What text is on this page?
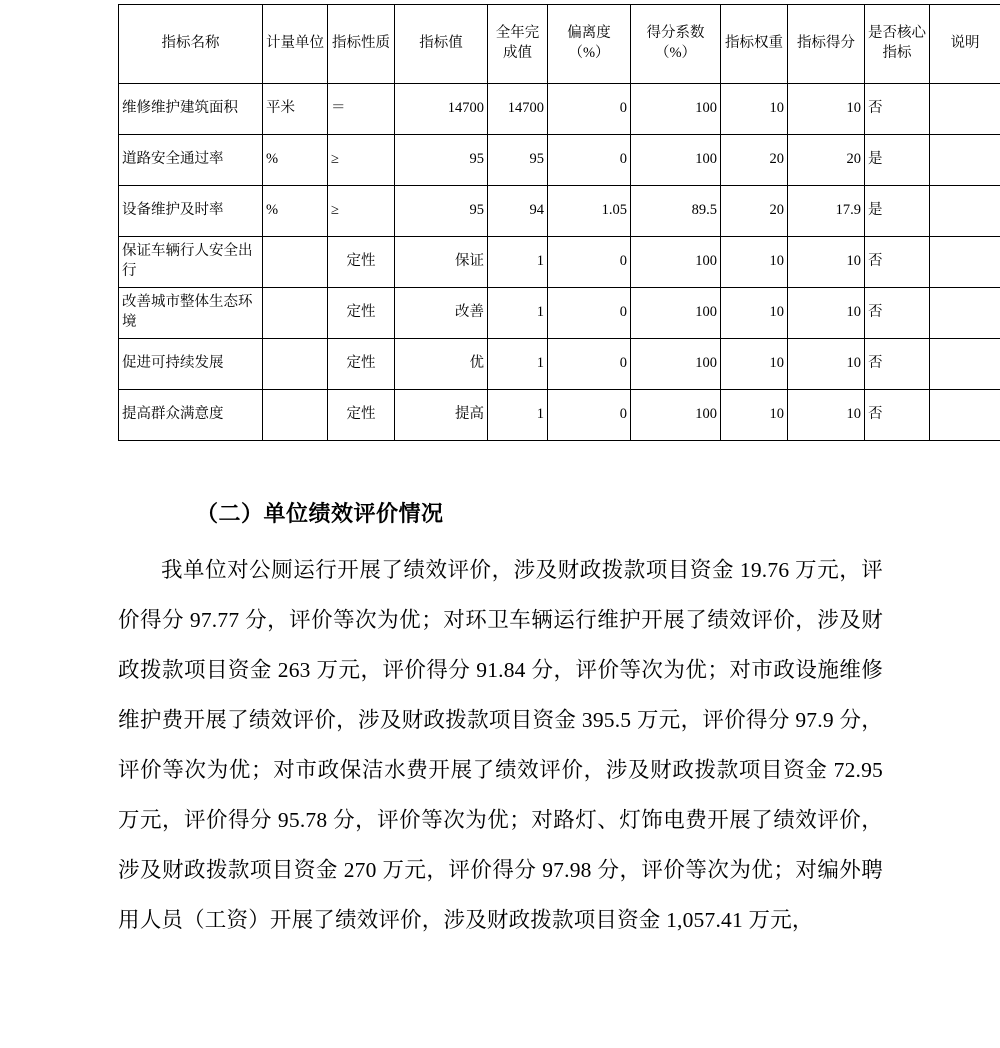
指标名称	计量单位	指标性质	指标值	全年完成值	偏离度（%）	得分系数（%）	指标权重	指标得分	是否核心指标	说明
维修维护建筑面积	平米	＝	14700	14700	0	100	10	10	否	
道路安全通过率	%	≥	95	95	0	100	20	20	是	
设备维护及时率	%	≥	95	94	1.05	89.5	20	17.9	是	
保证车辆行人安全出行		定性	保证	1	0	100	10	10	否	
改善城市整体生态环境		定性	改善	1	0	100	10	10	否	
促进可持续发展		定性	优	1	0	100	10	10	否	
提高群众满意度		定性	提高	1	0	100	10	10	否	
（二）单位绩效评价情况
我单位对公厕运行开展了绩效评价，涉及财政拨款项目资金 19.76 万元，评价得分 97.77 分，评价等次为优；对环卫车辆运行维护开展了绩效评价，涉及财政拨款项目资金 263 万元，评价得分 91.84 分，评价等次为优；对市政设施维修维护费开展了绩效评价，涉及财政拨款项目资金 395.5 万元，评价得分 97.9 分，评价等次为优；对市政保洁水费开展了绩效评价，涉及财政拨款项目资金 72.95 万元，评价得分 95.78 分，评价等次为优；对路灯、灯饰电费开展了绩效评价，涉及财政拨款项目资金 270 万元，评价得分 97.98 分，评价等次为优；对编外聘用人员（工资）开展了绩效评价，涉及财政拨款项目资金 1,057.41 万元，
